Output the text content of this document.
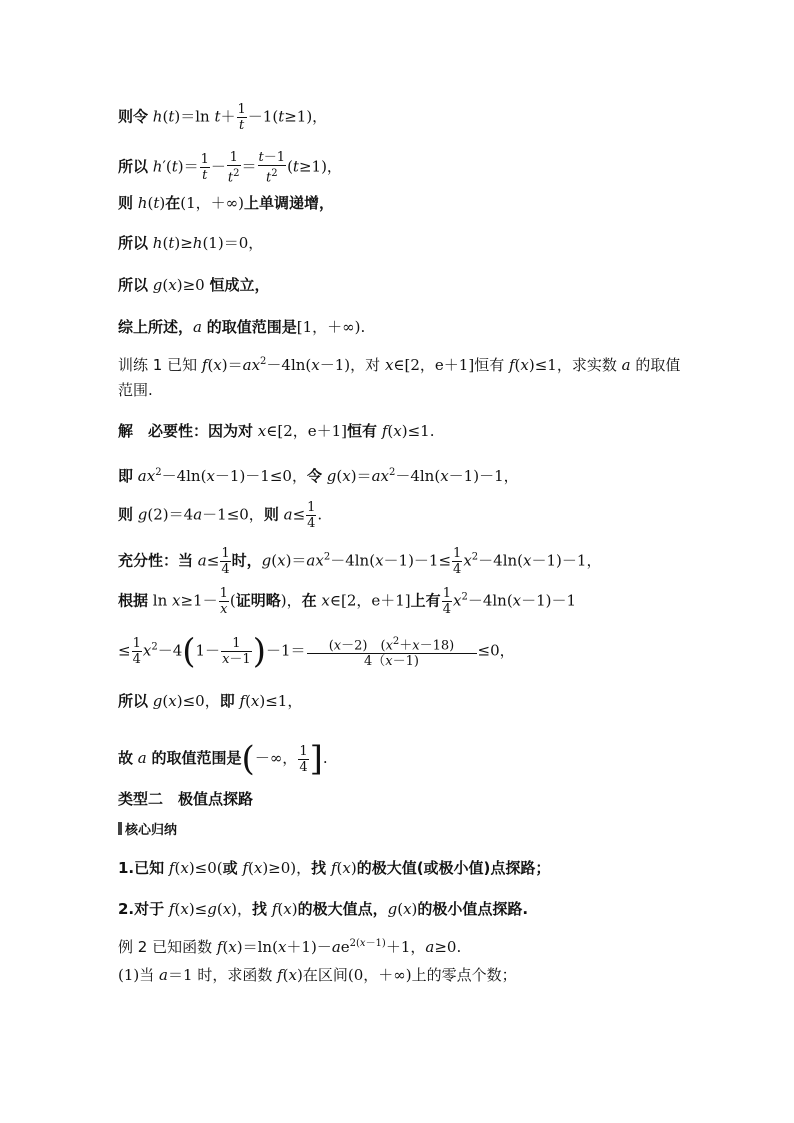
则令 h(t)＝ln $t+ \frac{1}{t} -1(t\ge 1)$，
所以 $h'(t)= \frac{1}{t} - \frac{1}{t^2} = \frac{t-1}{t^2} (t\ge 1)$，
则 h(t)在(1，＋∞)上单调递增，
所以 h(t)≥h(1)＝0，
所以 g(x)≥0 恒成立，
综上所述，a 的取值范围是[1，＋∞).
训练 1 已知 $f(x)=ax^2-4\ln(x-1)$，对 x∈[2，e＋1]恒有 f(x)≤1，求实数 a 的取值
范围.
解　必要性：因为对 x∈[2，e＋1]恒有 f(x)≤1.
即 $ax^2-4\ln(x-1)-1\le 0$，令 $g(x)=ax^2-4\ln(x-1)-1$，
则 g(2)＝4a－1≤0，则 $a\le \frac{1}{4}$ .
充分性：当 $a\le \frac{1}{4}$ 时，$g(x)=ax^2-4\ln(x-1)-1\le \frac{1}{4} x^2-4\ln(x-1)-1$，
根据 $\ln x\ge 1- \frac{1}{x}$ (证明略)，在 x∈[2，e＋1]上有 $\frac{1}{4} x^2-4\ln(x-1)-1$
≤ $\frac{1}{4} x^2-4(1- \frac{1}{x-1} )-1= \frac{(x-2) (x^2+x-18)}{4(x-1)} \le 0$，
所以 g(x)≤0，即 f(x)≤1，
故 a 的取值范围是(－∞， $\frac{1}{4}$ ].
类型二　极值点探路
核心归纳
1.已知 f(x)≤0(或 f(x)≥0)，找 f(x)的极大值(或极小值)点探路；
2.对于 f(x)≤g(x)，找 f(x)的极大值点，g(x)的极小值点探路.
例 2 已知函数 $f(x)=\ln(x+1)-ae^{2(x-1)}+1$，a≥0.
(1)当 a＝1 时，求函数 f(x)在区间(0，＋∞)上的零点个数；
